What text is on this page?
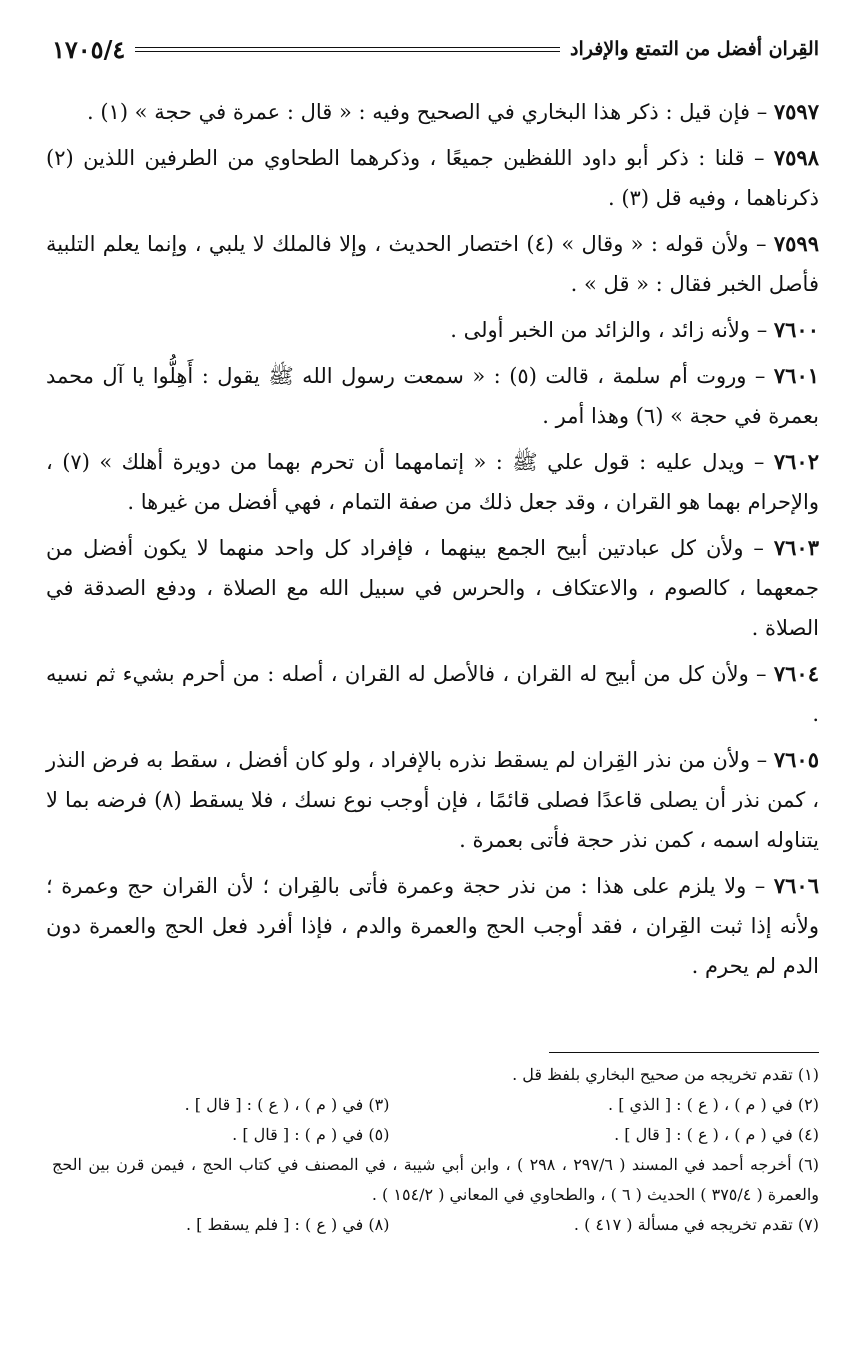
القِران أفضل من التمتع والإفراد
١٧٠٥/٤

٧٥٩٧ – فإن قيل : ذكر هذا البخاري في الصحيح وفيه : « قال : عمرة في حجة » (١) .

٧٥٩٨ – قلنا : ذكر أبو داود اللفظين جميعًا ، وذكرهما الطحاوي من الطرفين اللذين (٢) ذكرناهما ، وفيه قل (٣) .

٧٥٩٩ – ولأن قوله : « وقال » (٤) اختصار الحديث ، وإلا فالملك لا يلبي ، وإنما يعلم التلبية فأصل الخبر فقال : « قل » .

٧٦٠٠ – ولأنه زائد ، والزائد من الخبر أولى .

٧٦٠١ – وروت أم سلمة ، قالت (٥) : « سمعت رسول الله ﷺ يقول : أَهِلُّوا يا آل محمد بعمرة في حجة » (٦) وهذا أمر .

٧٦٠٢ – ويدل عليه : قول علي ﷺ : « إتمامهما أن تحرم بهما من دويرة أهلك » (٧) ، والإحرام بهما هو القران ، وقد جعل ذلك من صفة التمام ، فهي أفضل من غيرها .

٧٦٠٣ – ولأن كل عبادتين أبيح الجمع بينهما ، فإفراد كل واحد منهما لا يكون أفضل من جمعهما ، كالصوم ، والاعتكاف ، والحرس في سبيل الله مع الصلاة ، ودفع الصدقة في الصلاة .

٧٦٠٤ – ولأن كل من أبيح له القران ، فالأصل له القران ، أصله : من أحرم بشيء ثم نسيه .

٧٦٠٥ – ولأن من نذر القِران لم يسقط نذره بالإفراد ، ولو كان أفضل ، سقط به فرض النذر ، كمن نذر أن يصلى قاعدًا فصلى قائمًا ، فإن أوجب نوع نسك ، فلا يسقط (٨) فرضه بما لا يتناوله اسمه ، كمن نذر حجة فأتى بعمرة .

٧٦٠٦ – ولا يلزم على هذا : من نذر حجة وعمرة فأتى بالقِران ؛ لأن القران حج وعمرة ؛ ولأنه إذا ثبت القِران ، فقد أوجب الحج والعمرة والدم ، فإذا أفرد فعل الحج والعمرة دون الدم لم يحرم .

(١) تقدم تخريجه من صحيح البخاري بلفظ قل .
(٢) في ( م ) ، ( ع ) : [ الذي ] .
(٣) في ( م ) ، ( ع ) : [ قال ] .
(٤) في ( م ) ، ( ع ) : [ قال ] .
(٥) في ( م ) : [ قال ] .
(٦) أخرجه أحمد في المسند ( ٢٩٧/٦ ، ٢٩٨ ) ، وابن أبي شيبة ، في المصنف في كتاب الحج ، فيمن قرن بين الحج والعمرة ( ٣٧٥/٤ ) الحديث ( ٦ ) ، والطحاوي في المعاني ( ١٥٤/٢ ) .
(٧) تقدم تخريجه في مسألة ( ٤١٧ ) .
(٨) في ( ع ) : [ فلم يسقط ] .
